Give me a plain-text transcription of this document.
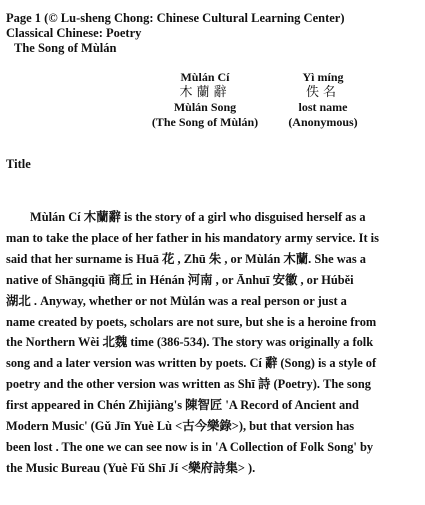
Page 1 (© Lu-sheng Chong: Chinese Cultural Learning Center)
Classical Chinese: Poetry
The Song of Mùlán
Mùlán Cí
木蘭辭
Mùlán Song
(The Song of Mùlán)
Yì míng
佚名
lost name
(Anonymous)
Title
Mùlán Cí 木蘭辭 is the story of a girl who disguised herself as a
man to take the place of her father in his mandatory army service. It is
said that her surname is Huā 花 , Zhū 朱 , or Mùlán 木蘭. She was a
native of Shāngqiū 商丘 in Hénán 河南 , or Ānhuī 安徽 , or Húběi
湖北 . Anyway, whether or not Mùlán was a real person or just a
name created by poets, scholars are not sure, but she is a heroine from
the Northern Wèi 北魏 time (386-534). The story was originally a folk
song and a later version was written by poets. Cí 辭 (Song) is a style of
poetry and the other version was written as Shī 詩 (Poetry). The song
first appeared in Chén Zhìjiàng's 陳智匠 'A Record of Ancient and
Modern Music' (Gǔ Jīn Yuè Lù <古今樂錄>), but that version has
been lost . The one we can see now is in 'A Collection of Folk Song' by
the Music Bureau (Yuè Fǔ Shī Jí <樂府詩集> ).
